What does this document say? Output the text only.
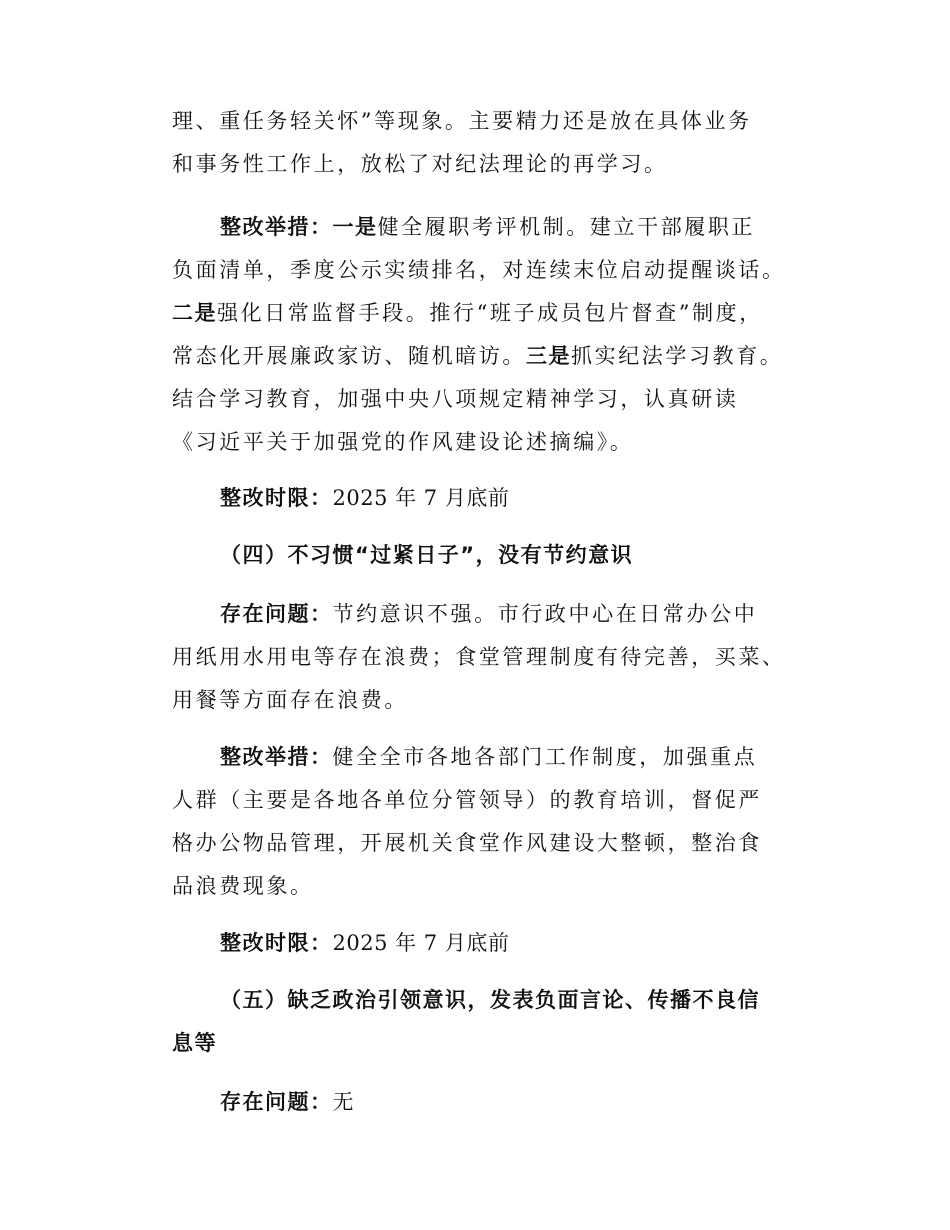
理、重任务轻关怀”等现象。主要精力还是放在具体业务
和事务性工作上，放松了对纪法理论的再学习。
整改举措：一是健全履职考评机制。建立干部履职正
负面清单，季度公示实绩排名，对连续末位启动提醒谈话。
二是强化日常监督手段。推行“班子成员包片督查”制度，
常态化开展廉政家访、随机暗访。三是抓实纪法学习教育。
结合学习教育，加强中央八项规定精神学习，认真研读
《习近平关于加强党的作风建设论述摘编》。
整改时限：2025 年 7 月底前
（四）不习惯“过紧日子”，没有节约意识
存在问题：节约意识不强。市行政中心在日常办公中
用纸用水用电等存在浪费；食堂管理制度有待完善，买菜、
用餐等方面存在浪费。
整改举措：健全全市各地各部门工作制度，加强重点
人群（主要是各地各单位分管领导）的教育培训，督促严
格办公物品管理，开展机关食堂作风建设大整顿，整治食
品浪费现象。
整改时限：2025 年 7 月底前
（五）缺乏政治引领意识，发表负面言论、传播不良信
息等
存在问题：无
